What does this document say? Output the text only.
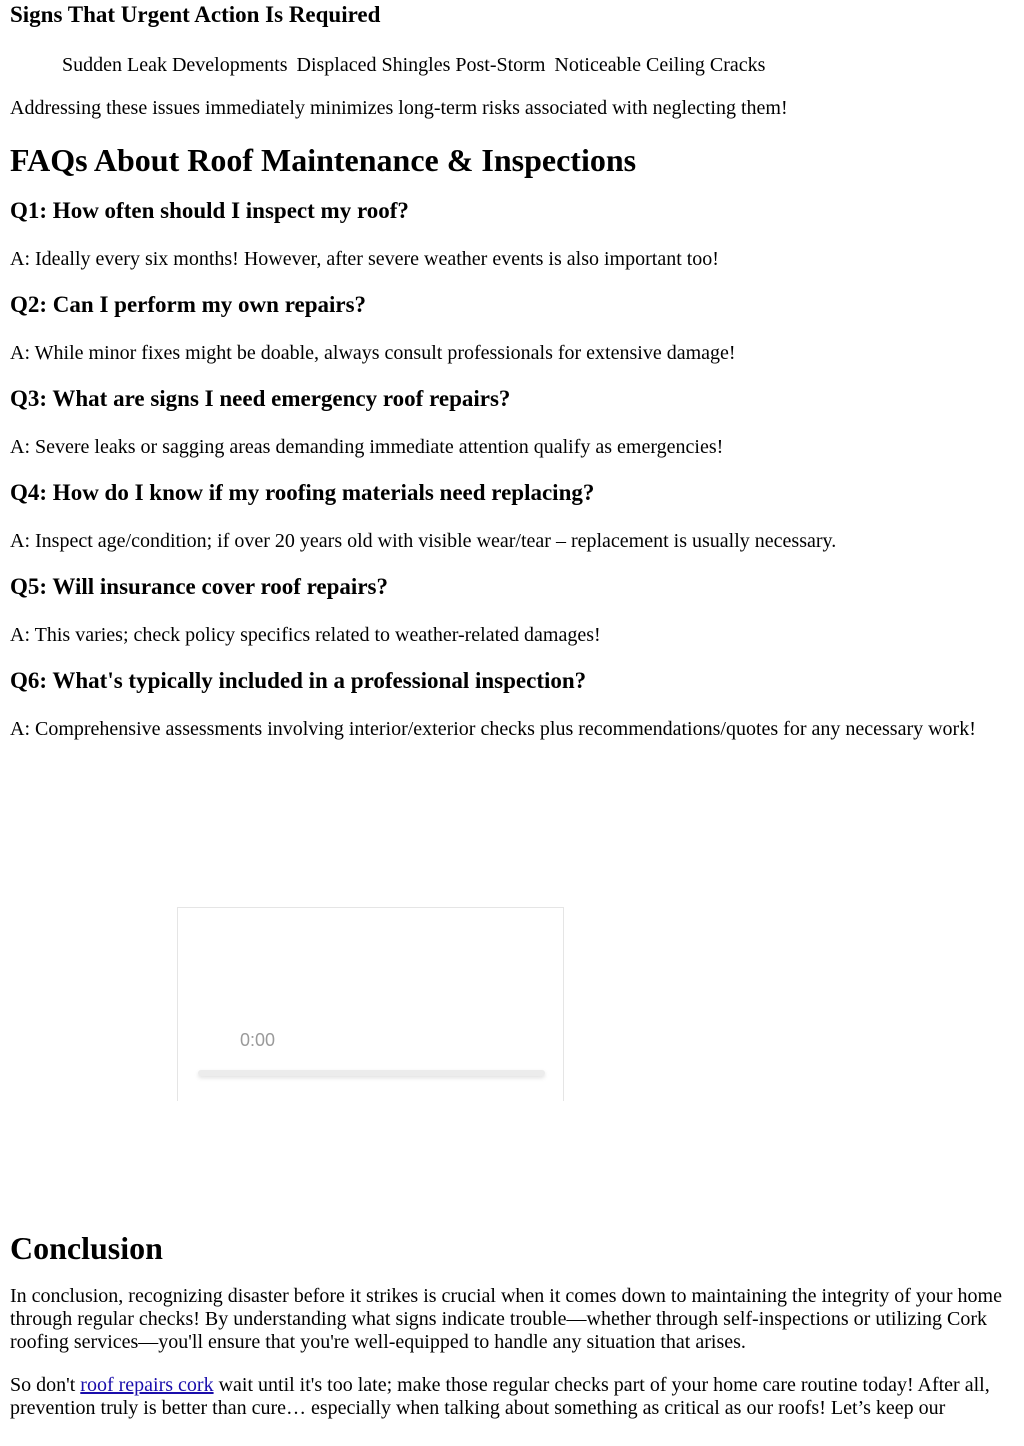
Signs That Urgent Action Is Required
Sudden Leak Developments Displaced Shingles Post-Storm Noticeable Ceiling Cracks

Addressing these issues immediately minimizes long-term risks associated with neglecting them!

FAQs About Roof Maintenance & Inspections
Q1: How often should I inspect my roof?

A: Ideally every six months! However, after severe weather events is also important too!

Q2: Can I perform my own repairs?

A: While minor fixes might be doable, always consult professionals for extensive damage!

Q3: What are signs I need emergency roof repairs?

A: Severe leaks or sagging areas demanding immediate attention qualify as emergencies!

Q4: How do I know if my roofing materials need replacing?

A: Inspect age/condition; if over 20 years old with visible wear/tear – replacement is usually necessary.

Q5: Will insurance cover roof repairs?

A: This varies; check policy specifics related to weather-related damages!

Q6: What's typically included in a professional inspection?

A: Comprehensive assessments involving interior/exterior checks plus recommendations/quotes for any necessary work!

0:00
Conclusion

In conclusion, recognizing disaster before it strikes is crucial when it comes down to maintaining the integrity of your home through regular checks! By understanding what signs indicate trouble—whether through self-inspections or utilizing Cork roofing services—you'll ensure that you're well-equipped to handle any situation that arises.

So don't roof repairs cork wait until it's too late; make those regular checks part of your home care routine today! After all, prevention truly is better than cure… especially when talking about something as critical as our roofs! Let’s keep our
